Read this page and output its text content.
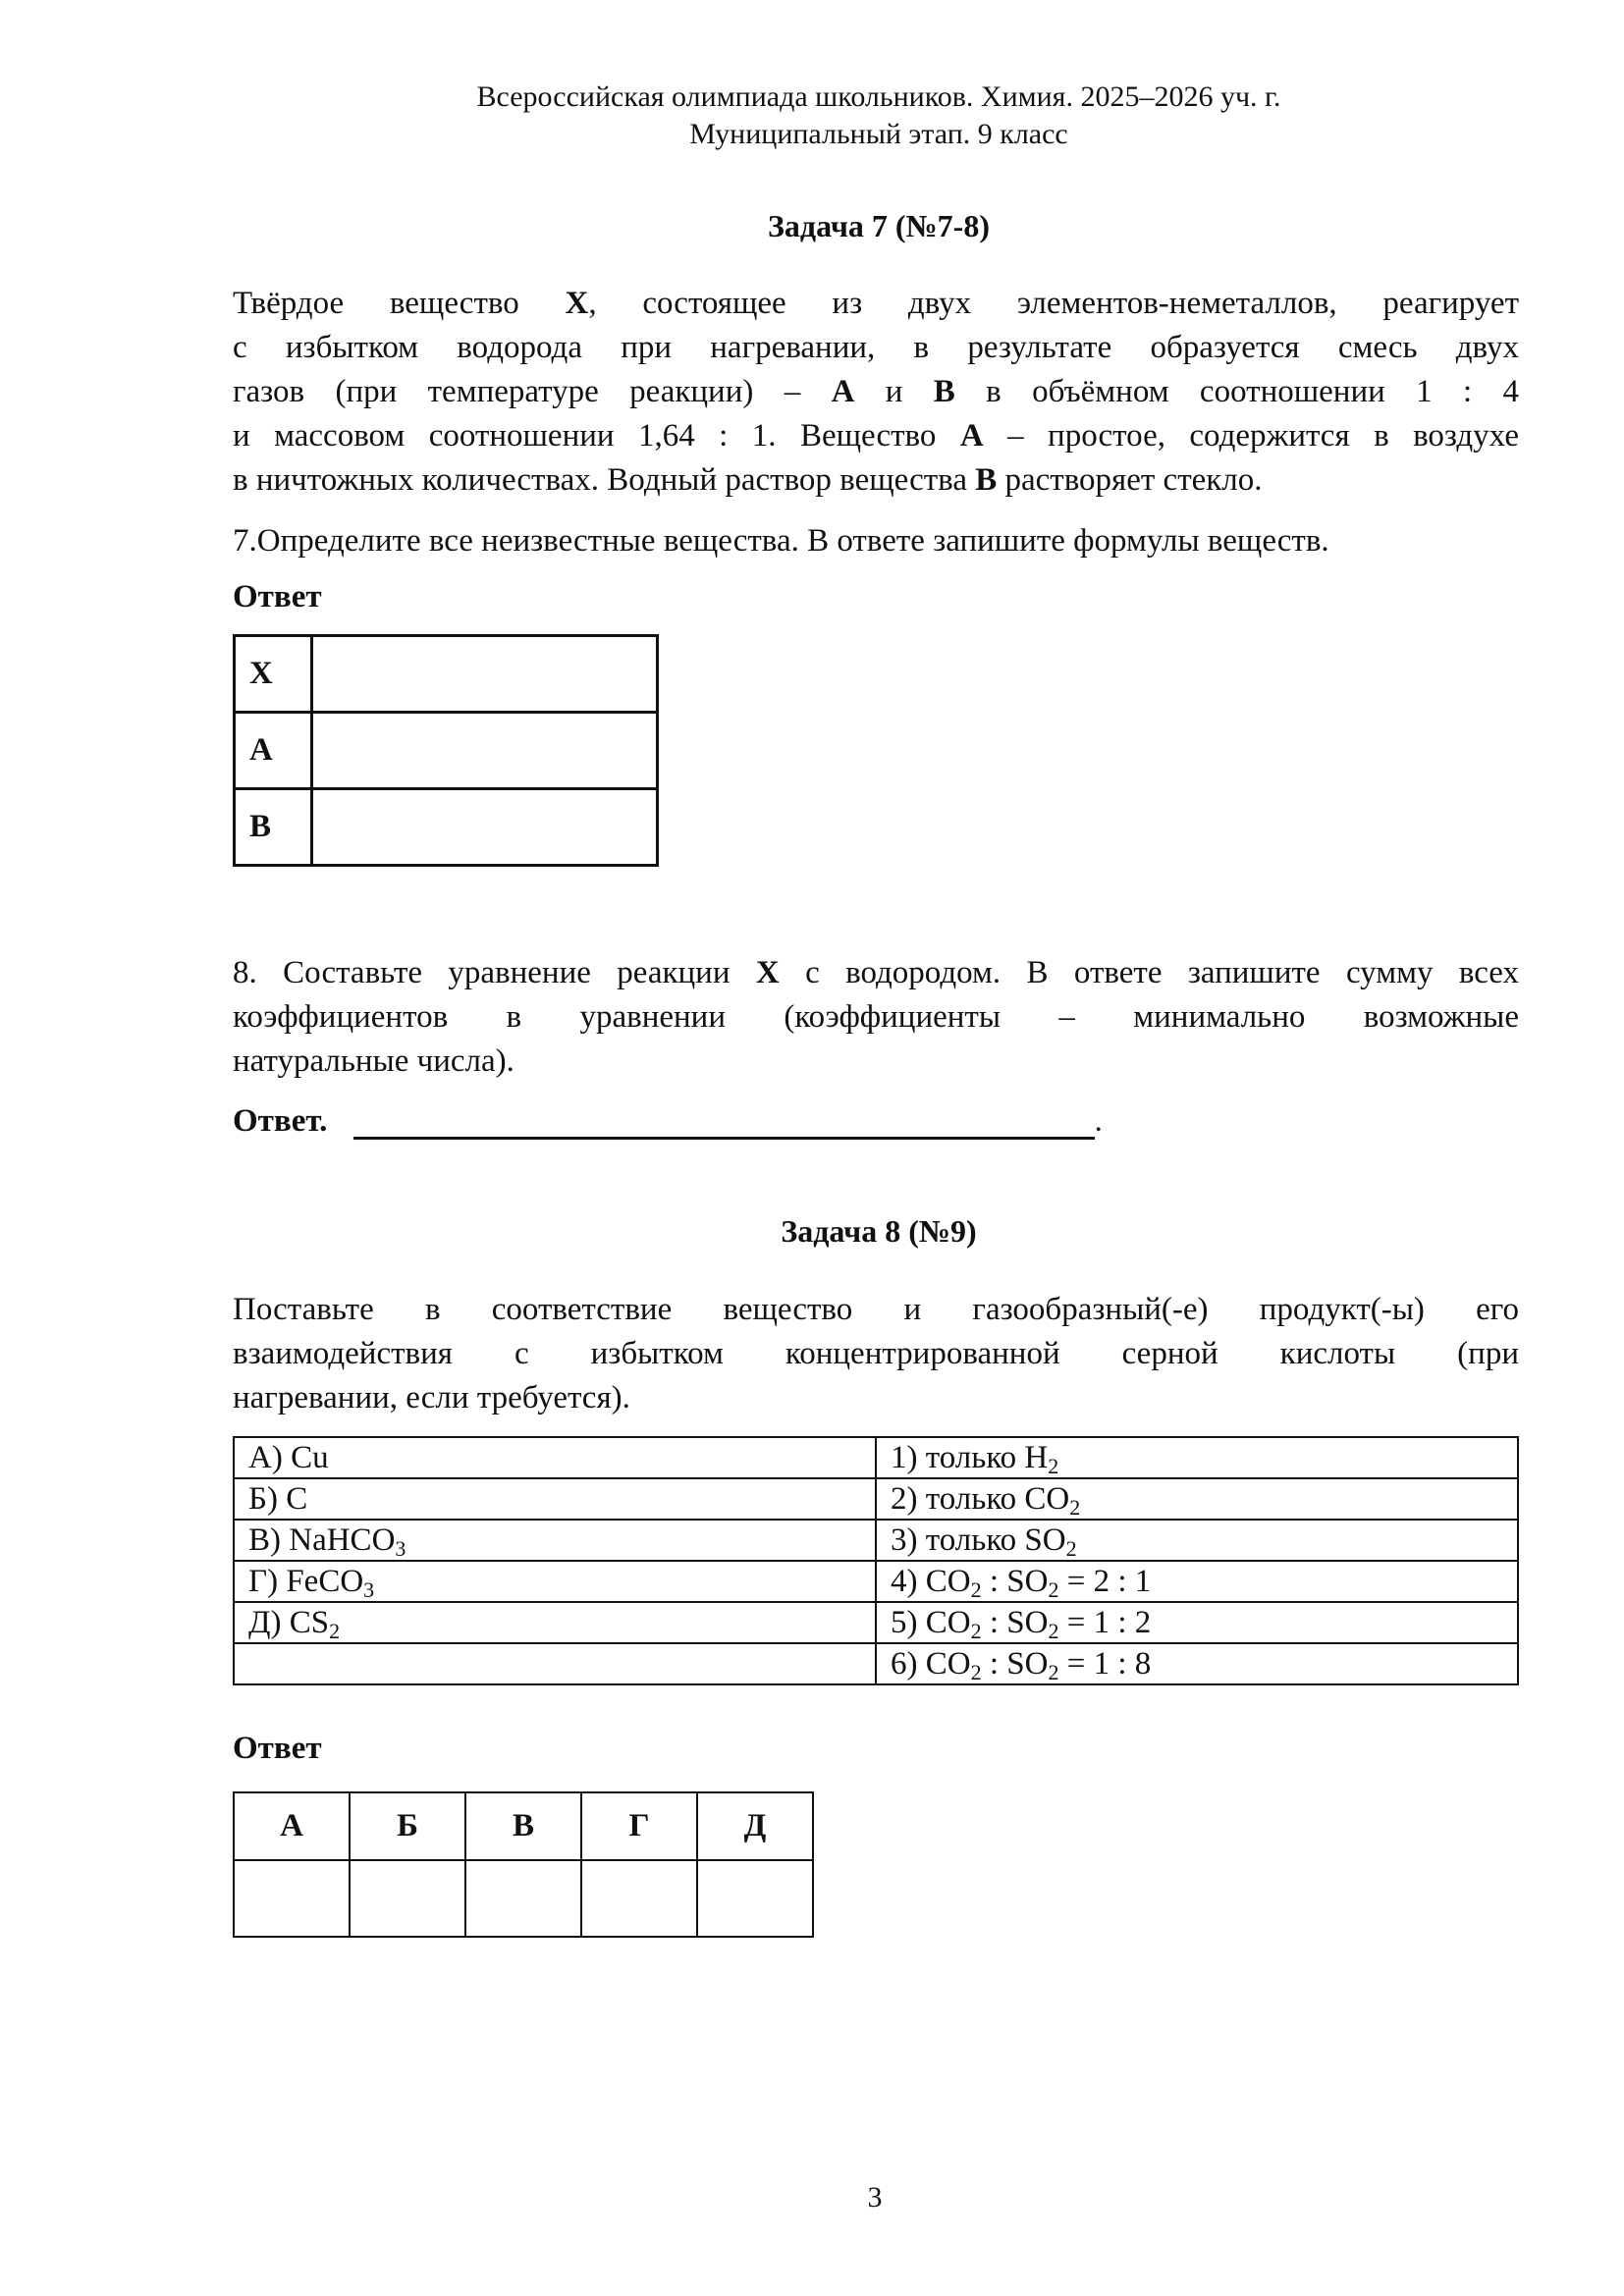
Всероссийская олимпиада школьников. Химия. 2025–2026 уч. г.
Муниципальный этап. 9 класс
Задача 7 (№7-8)
Твёрдое вещество X, состоящее из двух элементов-неметаллов, реагирует
с избытком водорода при нагревании, в результате образуется смесь двух
газов (при температуре реакции) – A и B в объёмном соотношении 1 : 4
и массовом соотношении 1,64 : 1. Вещество A – простое, содержится в воздухе
в ничтожных количествах. Водный раствор вещества B растворяет стекло.
7.Определите все неизвестные вещества. В ответе запишите формулы веществ.
Ответ
X	
A	
B	
8. Составьте уравнение реакции X с водородом. В ответе запишите сумму всех
коэффициентов в уравнении (коэффициенты – минимально возможные
натуральные числа).
Ответ.	.
Задача 8 (№9)
Поставьте в соответствие вещество и газообразный(-е) продукт(-ы) его
взаимодействия с избытком концентрированной серной кислоты (при
нагревании, если требуется).
А) Cu	1) только $H_2$
Б) C	2) только $CO_2$
В) NaHCO$_3$	3) только $SO_2$
Г) FeCO$_3$	4) $CO_2$ : $SO_2 = 2$ : 1
Д) $CS_2$	5) $CO_2$ : $SO_2 = 1$ : 2
	6) $CO_2$ : $SO_2 = 1$ : 8
Ответ
А	Б	В	Г	Д

3
